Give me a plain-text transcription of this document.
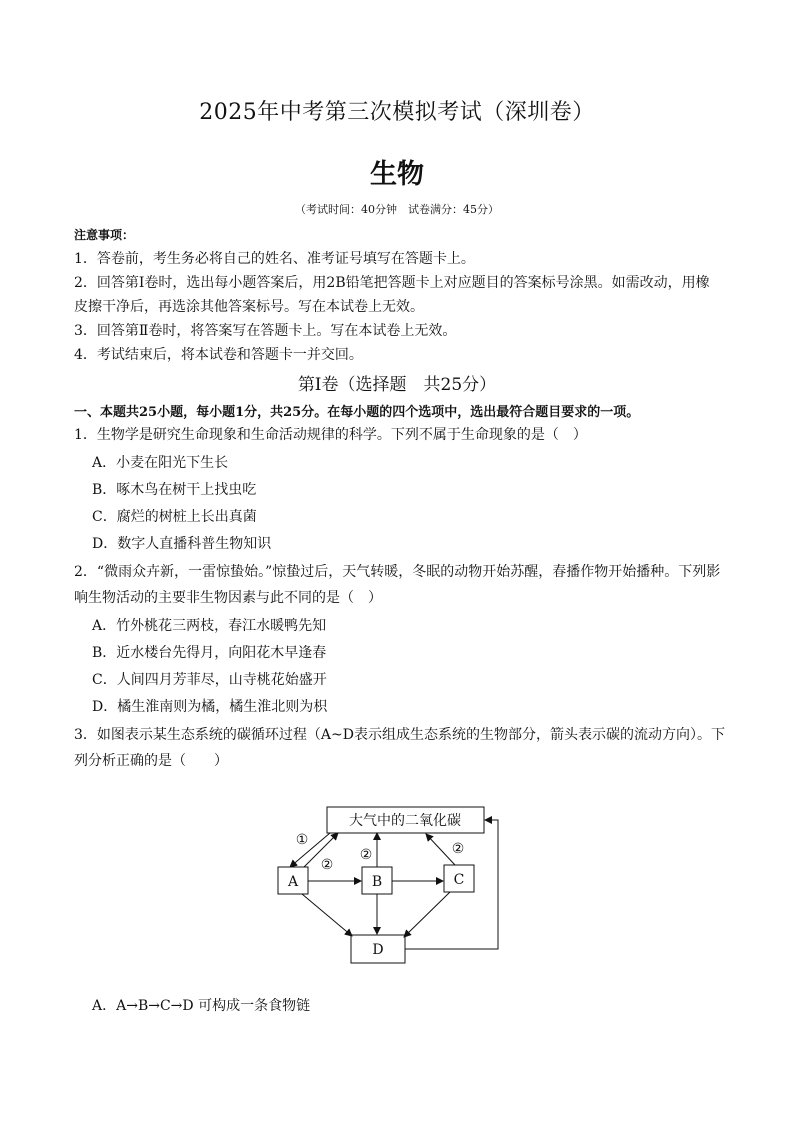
2025年中考第三次模拟考试（深圳卷）
生物
（考试时间：40分钟　试卷满分：45分）
注意事项：
1．答卷前，考生务必将自己的姓名、准考证号填写在答题卡上。
2．回答第Ⅰ卷时，选出每小题答案后，用2B铅笔把答题卡上对应题目的答案标号涂黑。如需改动，用橡
皮擦干净后，再选涂其他答案标号。写在本试卷上无效。
3．回答第Ⅱ卷时，将答案写在答题卡上。写在本试卷上无效。
4．考试结束后，将本试卷和答题卡一并交回。
第Ⅰ卷（选择题　共25分）
一、本题共25小题，每小题1分，共25分。在每小题的四个选项中，选出最符合题目要求的一项。
1．生物学是研究生命现象和生命活动规律的科学。下列不属于生命现象的是（　）
A．小麦在阳光下生长
B．啄木鸟在树干上找虫吃
C．腐烂的树桩上长出真菌
D．数字人直播科普生物知识
2．“微雨众卉新，一雷惊蛰始。”惊蛰过后，天气转暖，冬眠的动物开始苏醒，春播作物开始播种。下列影
响生物活动的主要非生物因素与此不同的是（　）
A．竹外桃花三两枝，春江水暖鸭先知
B．近水楼台先得月，向阳花木早逢春
C．人间四月芳菲尽，山寺桃花始盛开
D．橘生淮南则为橘，橘生淮北则为枳
3．如图表示某生态系统的碳循环过程（A~D表示组成生态系统的生物部分，箭头表示碳的流动方向）。下
列分析正确的是（　　）
大气中的二氧化碳
A	B	C
D
①
②
②	②
A．A→B→C→D 可构成一条食物链
